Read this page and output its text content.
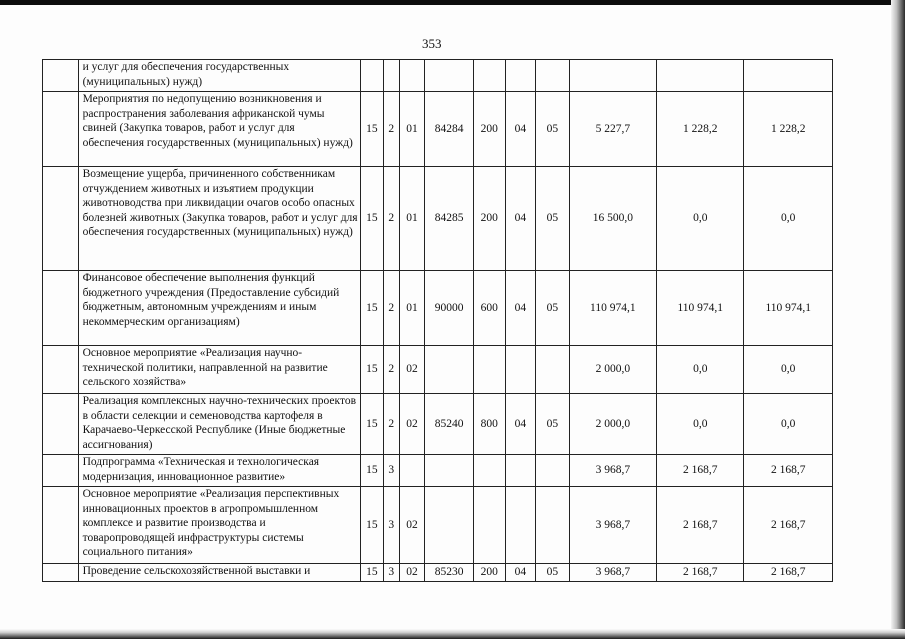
353
	и услуг для обеспечения государственных (муниципальных) нужд)										
	Мероприятия по недопущению возникновения и распространения заболевания африканской чумы свиней (Закупка товаров, работ и услуг для обеспечения государственных (муниципальных) нужд)	15	2	01	84284	200	04	05	5 227,7	1 228,2	1 228,2
	Возмещение ущерба, причиненного собственникам отчуждением животных и изъятием продукции животноводства при ликвидации очагов особо опасных болезней животных (Закупка товаров, работ и услуг для обеспечения государственных (муниципальных) нужд)	15	2	01	84285	200	04	05	16 500,0	0,0	0,0
	Финансовое обеспечение выполнения функций бюджетного учреждения (Предоставление субсидий бюджетным, автономным учреждениям и иным некоммерческим организациям)	15	2	01	90000	600	04	05	110 974,1	110 974,1	110 974,1
	Основное мероприятие «Реализация научно-технической политики, направленной на развитие сельского хозяйства»	15	2	02					2 000,0	0,0	0,0
	Реализация комплексных научно-технических проектов в области селекции и семеноводства картофеля в Карачаево-Черкесской Республике (Иные бюджетные ассигнования)	15	2	02	85240	800	04	05	2 000,0	0,0	0,0
	Подпрограмма «Техническая и технологическая модернизация, инновационное развитие»	15	3						3 968,7	2 168,7	2 168,7
	Основное мероприятие «Реализация перспективных инновационных проектов в агропромышленном комплексе и развитие производства и товаропроводящей инфраструктуры системы социального питания»	15	3	02					3 968,7	2 168,7	2 168,7
	Проведение сельскохозяйственной выставки и	15	3	02	85230	200	04	05	3 968,7	2 168,7	2 168,7
